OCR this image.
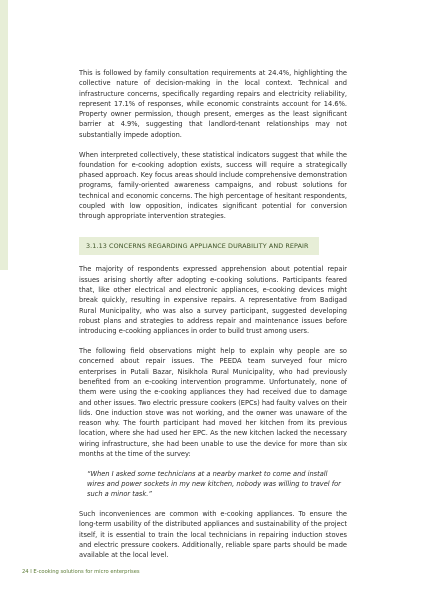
This is followed by family consultation requirements at 24.4%, highlighting the collective nature of decision-making in the local context. Technical and infrastructure concerns, specifically regarding repairs and electricity reliability, represent 17.1% of responses, while economic constraints account for 14.6%. Property owner permission, though present, emerges as the least significant barrier at 4.9%, suggesting that landlord-tenant relationships may not substantially impede adoption.

When interpreted collectively, these statistical indicators suggest that while the foundation for e-cooking adoption exists, success will require a strategically phased approach. Key focus areas should include comprehensive demonstration programs, family-oriented awareness campaigns, and robust solutions for technical and economic concerns. The high percentage of hesitant respondents, coupled with low opposition, indicates significant potential for conversion through appropriate intervention strategies.

3.1.13 CONCERNS REGARDING APPLIANCE DURABILITY AND REPAIR

The majority of respondents expressed apprehension about potential repair issues arising shortly after adopting e-cooking solutions. Participants feared that, like other electrical and electronic appliances, e-cooking devices might break quickly, resulting in expensive repairs. A representative from Badigad Rural Municipality, who was also a survey participant, suggested developing robust plans and strategies to address repair and maintenance issues before introducing e-cooking appliances in order to build trust among users.

The following field observations might help to explain why people are so concerned about repair issues. The PEEDA team surveyed four micro enterprises in Putali Bazar, Nisikhola Rural Municipality, who had previously benefited from an e-cooking intervention programme. Unfortunately, none of them were using the e-cooking appliances they had received due to damage and other issues. Two electric pressure cookers (EPCs) had faulty valves on their lids. One induction stove was not working, and the owner was unaware of the reason why. The fourth participant had moved her kitchen from its previous location, where she had used her EPC. As the new kitchen lacked the necessary wiring infrastructure, she had been unable to use the device for more than six months at the time of the survey:

“When I asked some technicians at a nearby market to come and install wires and power sockets in my new kitchen, nobody was willing to travel for such a minor task.”

Such inconveniences are common with e-cooking appliances. To ensure the long-term usability of the distributed appliances and sustainability of the project itself, it is essential to train the local technicians in repairing induction stoves and electric pressure cookers. Additionally, reliable spare parts should be made available at the local level.

24 I E-cooking solutions for micro enterprises
